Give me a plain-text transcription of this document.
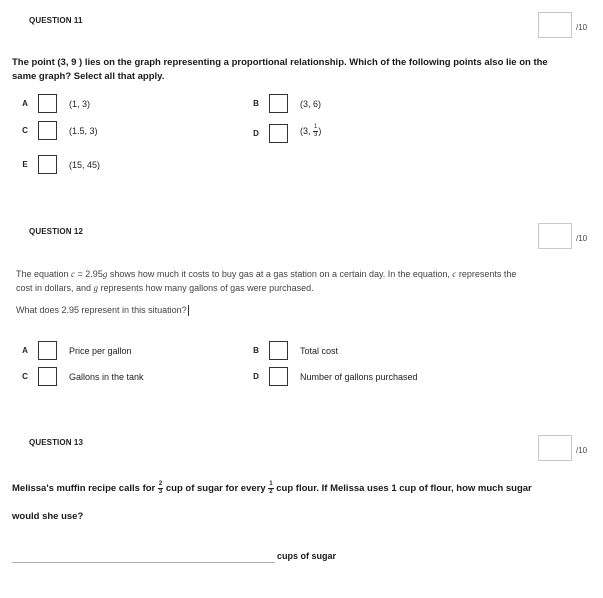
QUESTION 11
/10
The point (3, 9 ) lies on the graph representing a proportional relationship. Which of the following points also lie on the
same graph? Select all that apply.
A	(1, 3)	B	(3, 6)
C	(1.5, 3)	D	(3, $\frac{1}{3}$ )
E	(15, 45)
QUESTION 12
/10
The equation c = 2.95g shows how much it costs to buy gas at a gas station on a certain day. In the equation, c represents the
cost in dollars, and g represents how many gallons of gas were purchased.
What does 2.95 represent in this situation?
A	Price per gallon	B	Total cost
C	Gallons in the tank	D	Number of gallons purchased
QUESTION 13
/10
Melissa's muffin recipe calls for $\frac{2}{3}$ cup of sugar for every $\frac{1}{2}$ cup flour. If Melissa uses 1 cup of flour, how much sugar
would she use?
cups of sugar
